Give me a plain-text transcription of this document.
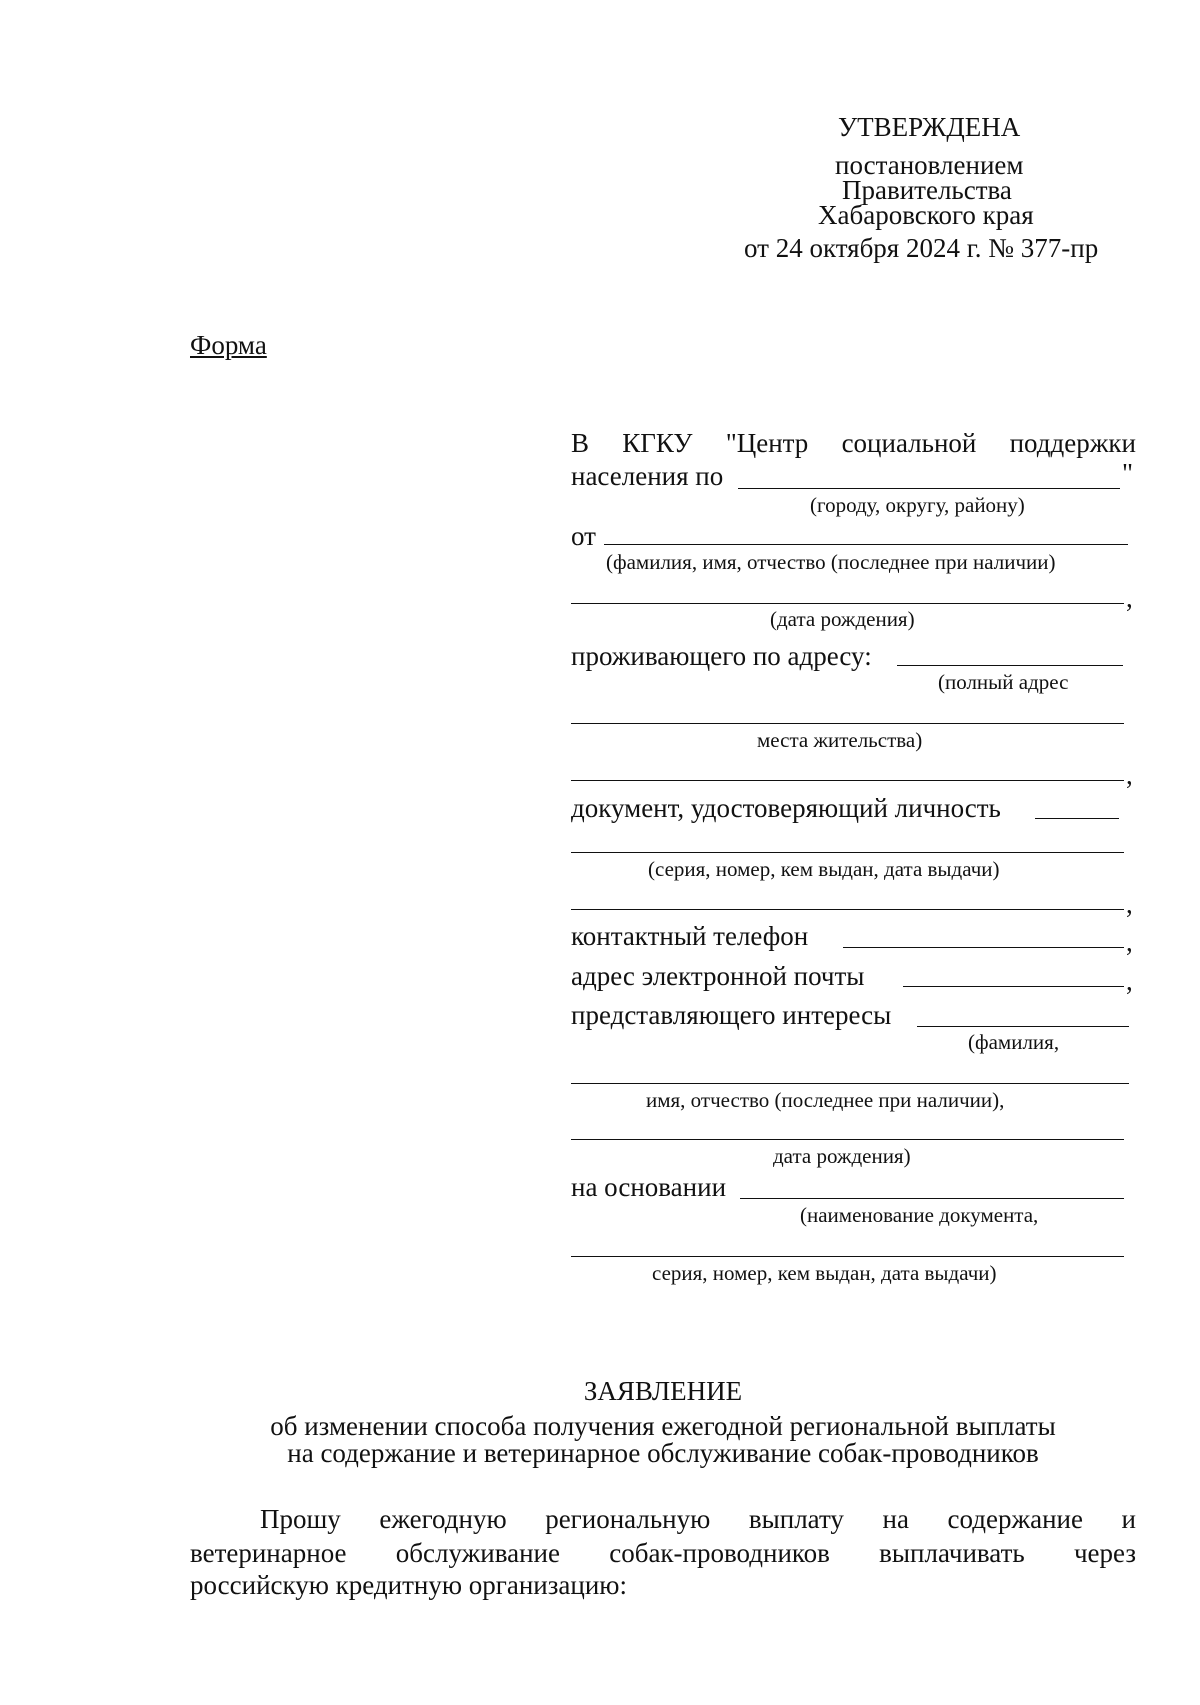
УТВЕРЖДЕНА
постановлением
Правительства
Хабаровского края
от 24 октября 2024 г. № 377-пр
Форма
В КГКУ "Центр социальной поддержки
населения по	"
(городу, округу, району)
от
(фамилия, имя, отчество (последнее при наличии)
,
(дата рождения)
проживающего по адресу:
(полный адрес
места жительства)
,
документ, удостоверяющий личность
(серия, номер, кем выдан, дата выдачи)
,
контактный телефон	,
адрес электронной почты	,
представляющего интересы
(фамилия,
имя, отчество (последнее при наличии),
дата рождения)
на основании
(наименование документа,
серия, номер, кем выдан, дата выдачи)
ЗАЯВЛЕНИЕ
об изменении способа получения ежегодной региональной выплаты
на содержание и ветеринарное обслуживание собак-проводников
Прошу ежегодную региональную выплату на содержание и
ветеринарное обслуживание собак-проводников выплачивать через
российскую кредитную организацию:
